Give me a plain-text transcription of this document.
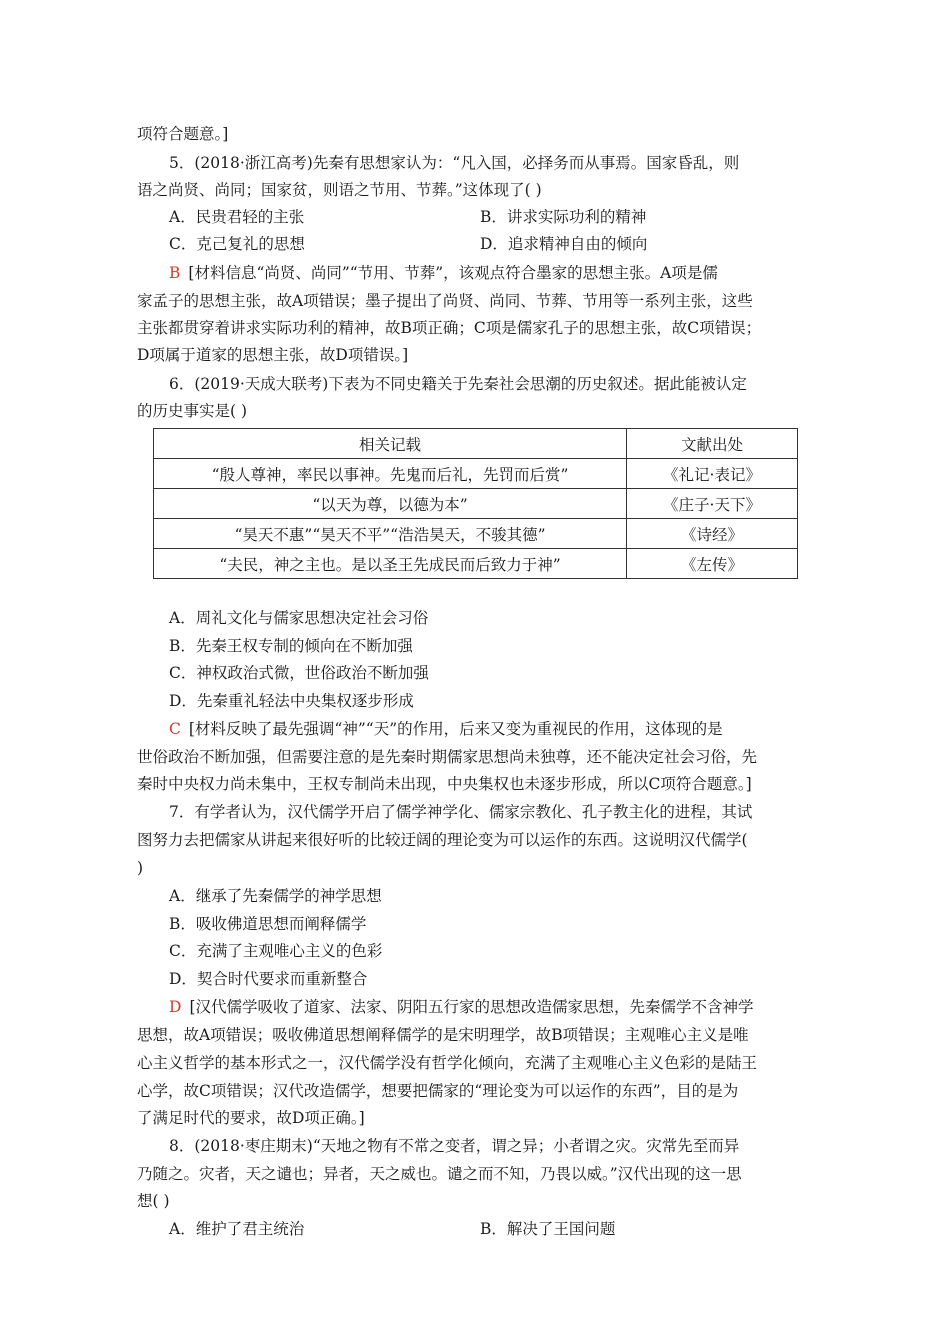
项符合题意。]
5．(2018·浙江高考)先秦有思想家认为：“凡入国，必择务而从事焉。国家昏乱，则
语之尚贤、尚同；国家贫，则语之节用、节葬。”这体现了( )
A．民贵君轻的主张	B．讲求实际功利的精神
C．克己复礼的思想	D．追求精神自由的倾向
B [材料信息“尚贤、尚同”“节用、节葬”，该观点符合墨家的思想主张。A项是儒
家孟子的思想主张，故A项错误；墨子提出了尚贤、尚同、节葬、节用等一系列主张，这些
主张都贯穿着讲求实际功利的精神，故B项正确；C项是儒家孔子的思想主张，故C项错误；
D项属于道家的思想主张，故D项错误。]
6．(2019·天成大联考)下表为不同史籍关于先秦社会思潮的历史叙述。据此能被认定
的历史事实是( )
相关记载	文献出处
“殷人尊神，率民以事神。先鬼而后礼，先罚而后赏”	《礼记·表记》
“以天为尊，以德为本”	《庄子·天下》
“昊天不惠”“昊天不平”“浩浩昊天，不骏其德”	《诗经》
“夫民，神之主也。是以圣王先成民而后致力于神”	《左传》
A．周礼文化与儒家思想决定社会习俗
B．先秦王权专制的倾向在不断加强
C．神权政治式微，世俗政治不断加强
D．先秦重礼轻法中央集权逐步形成
C [材料反映了最先强调“神”“天”的作用，后来又变为重视民的作用，这体现的是
世俗政治不断加强，但需要注意的是先秦时期儒家思想尚未独尊，还不能决定社会习俗，先
秦时中央权力尚未集中，王权专制尚未出现，中央集权也未逐步形成，所以C项符合题意。]
7．有学者认为，汉代儒学开启了儒学神学化、儒家宗教化、孔子教主化的进程，其试
图努力去把儒家从讲起来很好听的比较迂阔的理论变为可以运作的东西。这说明汉代儒学(
)
A．继承了先秦儒学的神学思想
B．吸收佛道思想而阐释儒学
C．充满了主观唯心主义的色彩
D．契合时代要求而重新整合
D [汉代儒学吸收了道家、法家、阴阳五行家的思想改造儒家思想，先秦儒学不含神学
思想，故A项错误；吸收佛道思想阐释儒学的是宋明理学，故B项错误；主观唯心主义是唯
心主义哲学的基本形式之一，汉代儒学没有哲学化倾向，充满了主观唯心主义色彩的是陆王
心学，故C项错误；汉代改造儒学，想要把儒家的“理论变为可以运作的东西”，目的是为
了满足时代的要求，故D项正确。]
8．(2018·枣庄期末)“天地之物有不常之变者，谓之异；小者谓之灾。灾常先至而异
乃随之。灾者，天之谴也；异者，天之威也。谴之而不知，乃畏以威。”汉代出现的这一思
想( )
A．维护了君主统治	B．解决了王国问题
